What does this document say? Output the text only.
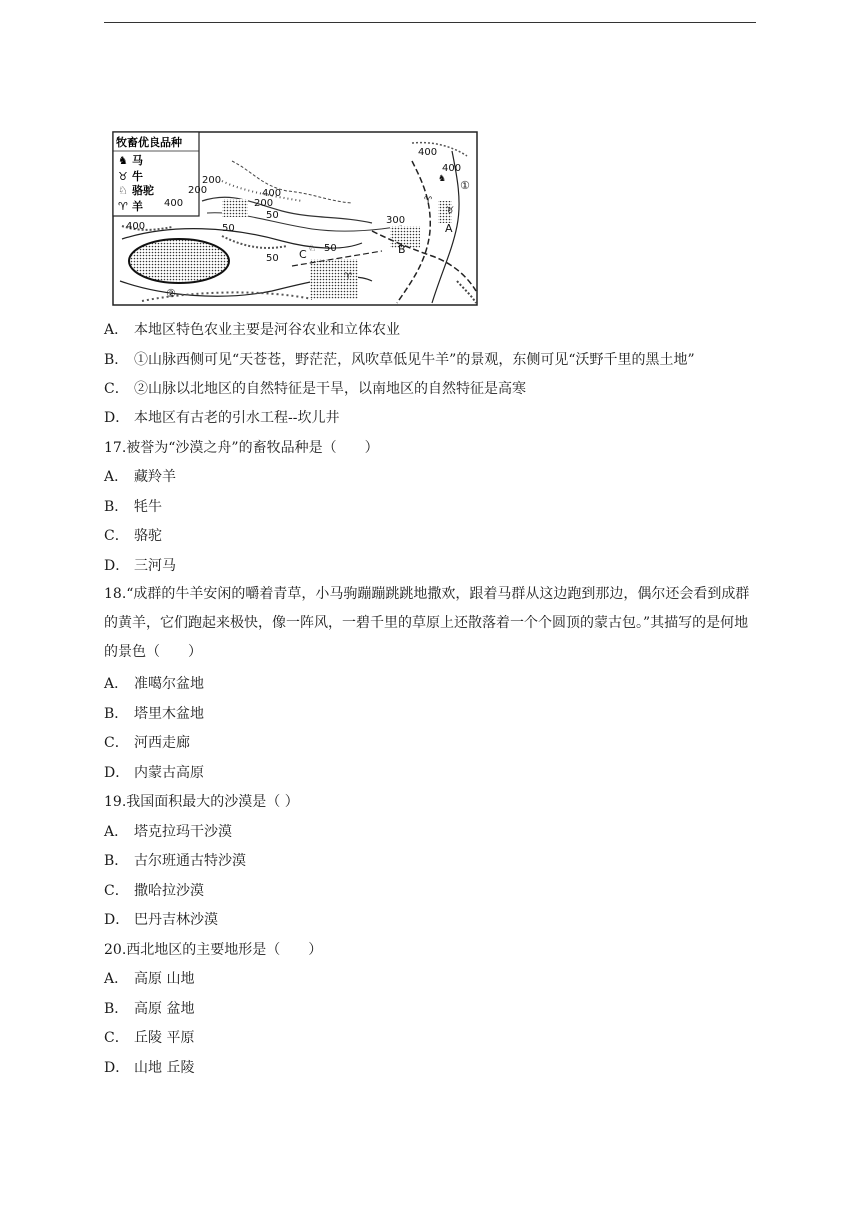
牧畜优良品种
♞ 马
♉ 牛
♘ 骆驼
♈ 羊
400
200
200
400
400
200
50
400
300
50
50
50
400
①
②
A
B
C
♞
♈
♉
♘
♈
A． 本地区特色农业主要是河谷农业和立体农业
B． ①山脉西侧可见“天苍苍，野茫茫，风吹草低见牛羊”的景观，东侧可见“沃野千里的黑土地”
C． ②山脉以北地区的自然特征是干旱，以南地区的自然特征是高寒
D． 本地区有古老的引水工程--坎儿井
17.被誉为“沙漠之舟”的畜牧品种是（　　）
A． 藏羚羊
B． 牦牛
C． 骆驼
D． 三河马
18.“成群的牛羊安闲的嚼着青草，小马驹蹦蹦跳跳地撒欢，跟着马群从这边跑到那边，偶尔还会看到成群的黄羊，它们跑起来极快，像一阵风，一碧千里的草原上还散落着一个个圆顶的蒙古包。”其描写的是何地的景色（　　）
A． 准噶尔盆地
B． 塔里木盆地
C． 河西走廊
D． 内蒙古高原
19.我国面积最大的沙漠是（ ）
A． 塔克拉玛干沙漠
B． 古尔班通古特沙漠
C． 撒哈拉沙漠
D． 巴丹吉林沙漠
20.西北地区的主要地形是（　　）
A． 高原 山地
B． 高原 盆地
C． 丘陵 平原
D． 山地 丘陵
